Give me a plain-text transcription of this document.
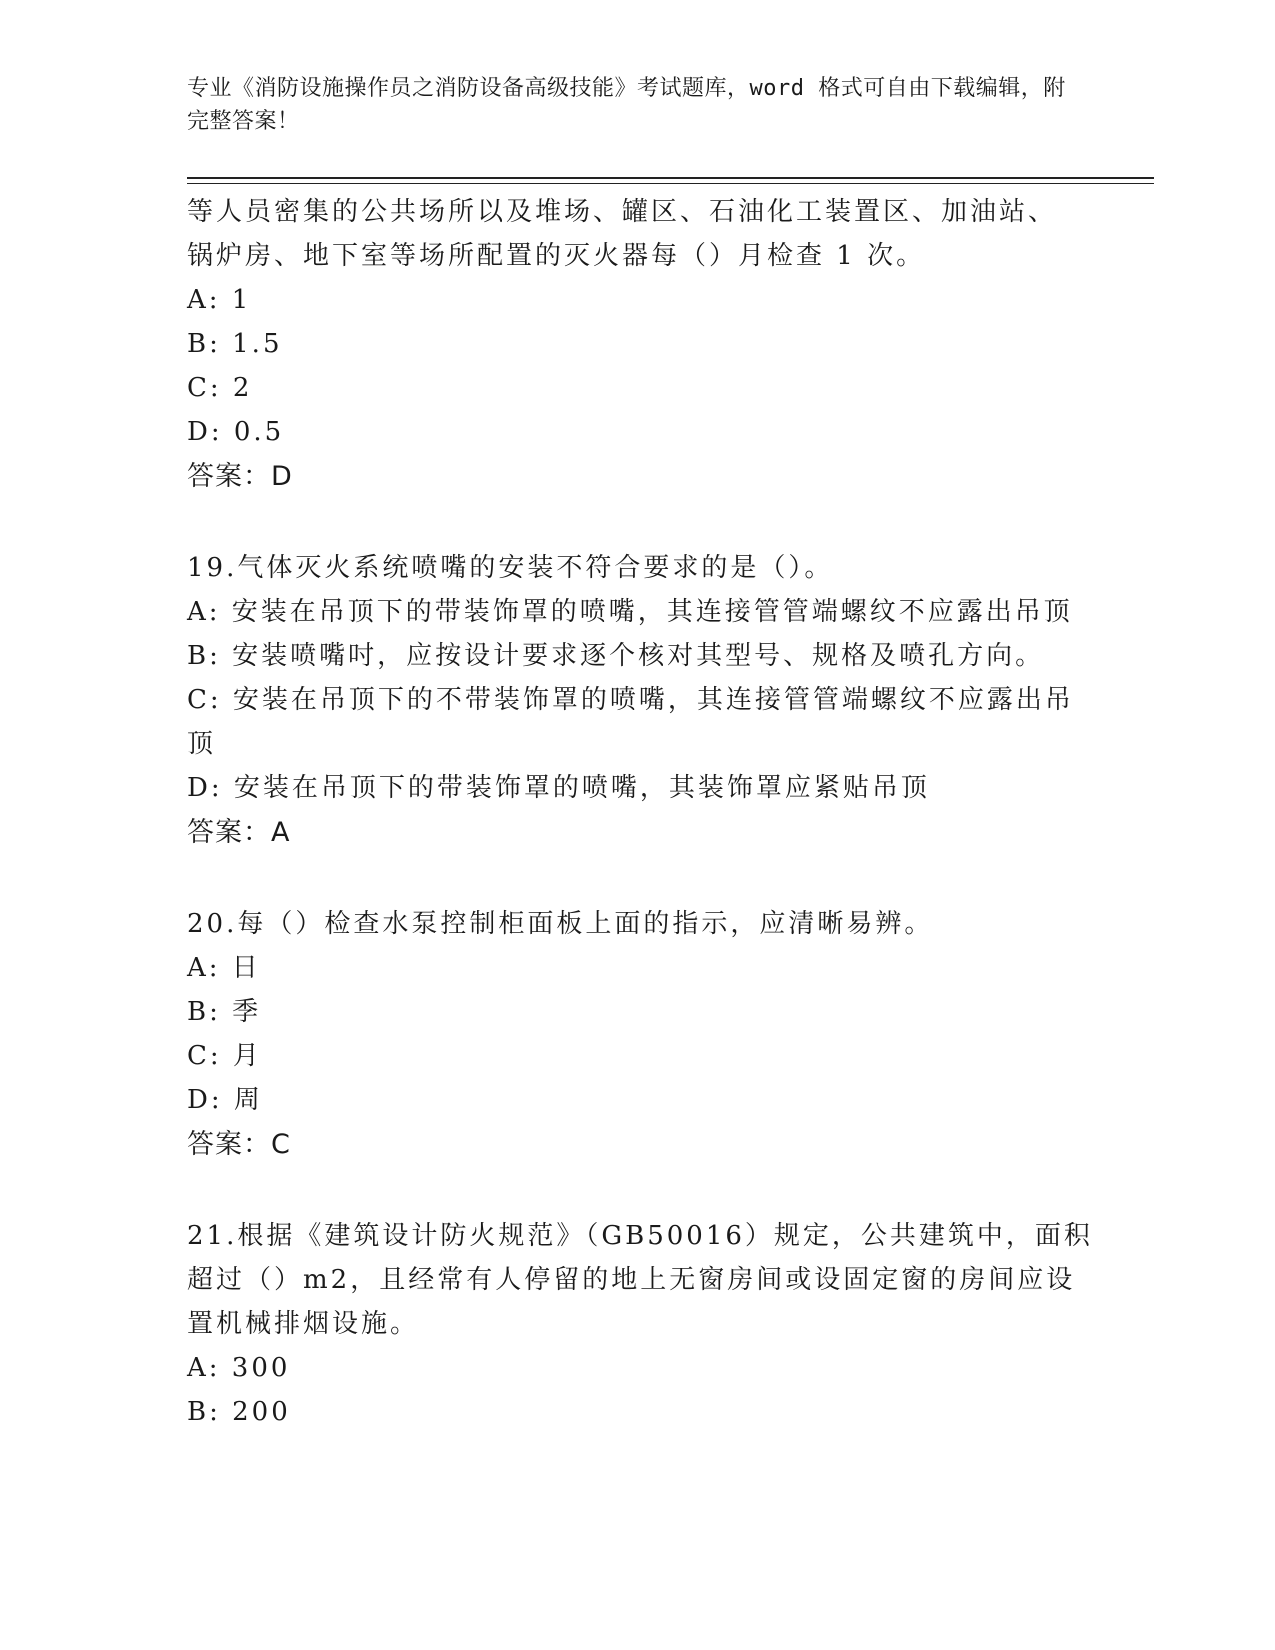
专业《消防设施操作员之消防设备高级技能》考试题库，word 格式可自由下载编辑，附完整答案！
等人员密集的公共场所以及堆场、罐区、石油化工装置区、加油站、
锅炉房、地下室等场所配置的灭火器每（）月检查 1 次。
A: 1
B: 1.5
C: 2
D: 0.5
答案：D
19.气体灭火系统喷嘴的安装不符合要求的是（）。
A: 安装在吊顶下的带装饰罩的喷嘴，其连接管管端螺纹不应露出吊顶
B: 安装喷嘴吋，应按设计要求逐个核对其型号、规格及喷孔方向。
C: 安装在吊顶下的不带装饰罩的喷嘴，其连接管管端螺纹不应露出吊
顶
D: 安装在吊顶下的带装饰罩的喷嘴，其装饰罩应紧贴吊顶
答案：A
20.每（）检查水泵控制柜面板上面的指示，应清晰易辨。
A: 日
B: 季
C: 月
D: 周
答案：C
21.根据《建筑设计防火规范》（GB50016）规定，公共建筑中，面积
超过（）m2，且经常有人停留的地上无窗房间或设固定窗的房间应设
置机械排烟设施。
A: 300
B: 200
